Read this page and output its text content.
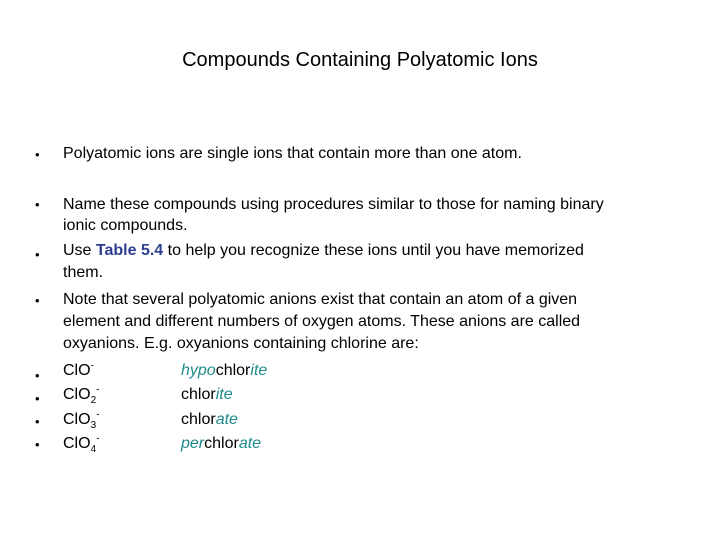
Compounds Containing Polyatomic Ions
•
•
•
•
•
•
•
•
Polyatomic ions are single ions that contain more than one atom.
Name these compounds using procedures similar to those for naming binary
ionic compounds.
Use Table 5.4 to help you recognize these ions until you have memorized
them.
Note that several polyatomic anions exist that contain an atom of a given
element and different numbers of oxygen atoms. These anions are called
oxyanions. E.g. oxyanions containing chlorine are:
ClO-	hypochlorite
ClO$_2$-	chlorite
ClO$_3$-	chlorate
ClO$_4$-	perchlorate
